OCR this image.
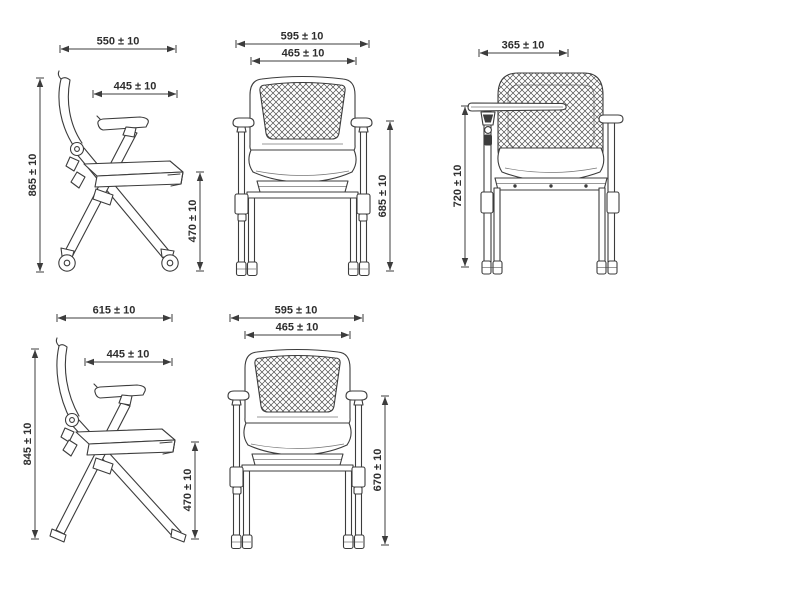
550 ± 10
445 ± 10
865 ± 10
470 ± 10
595 ± 10
465 ± 10
685 ± 10
365 ± 10
720 ± 10
615 ± 10
445 ± 10
845 ± 10
470 ± 10
595 ± 10
465 ± 10
670 ± 10
